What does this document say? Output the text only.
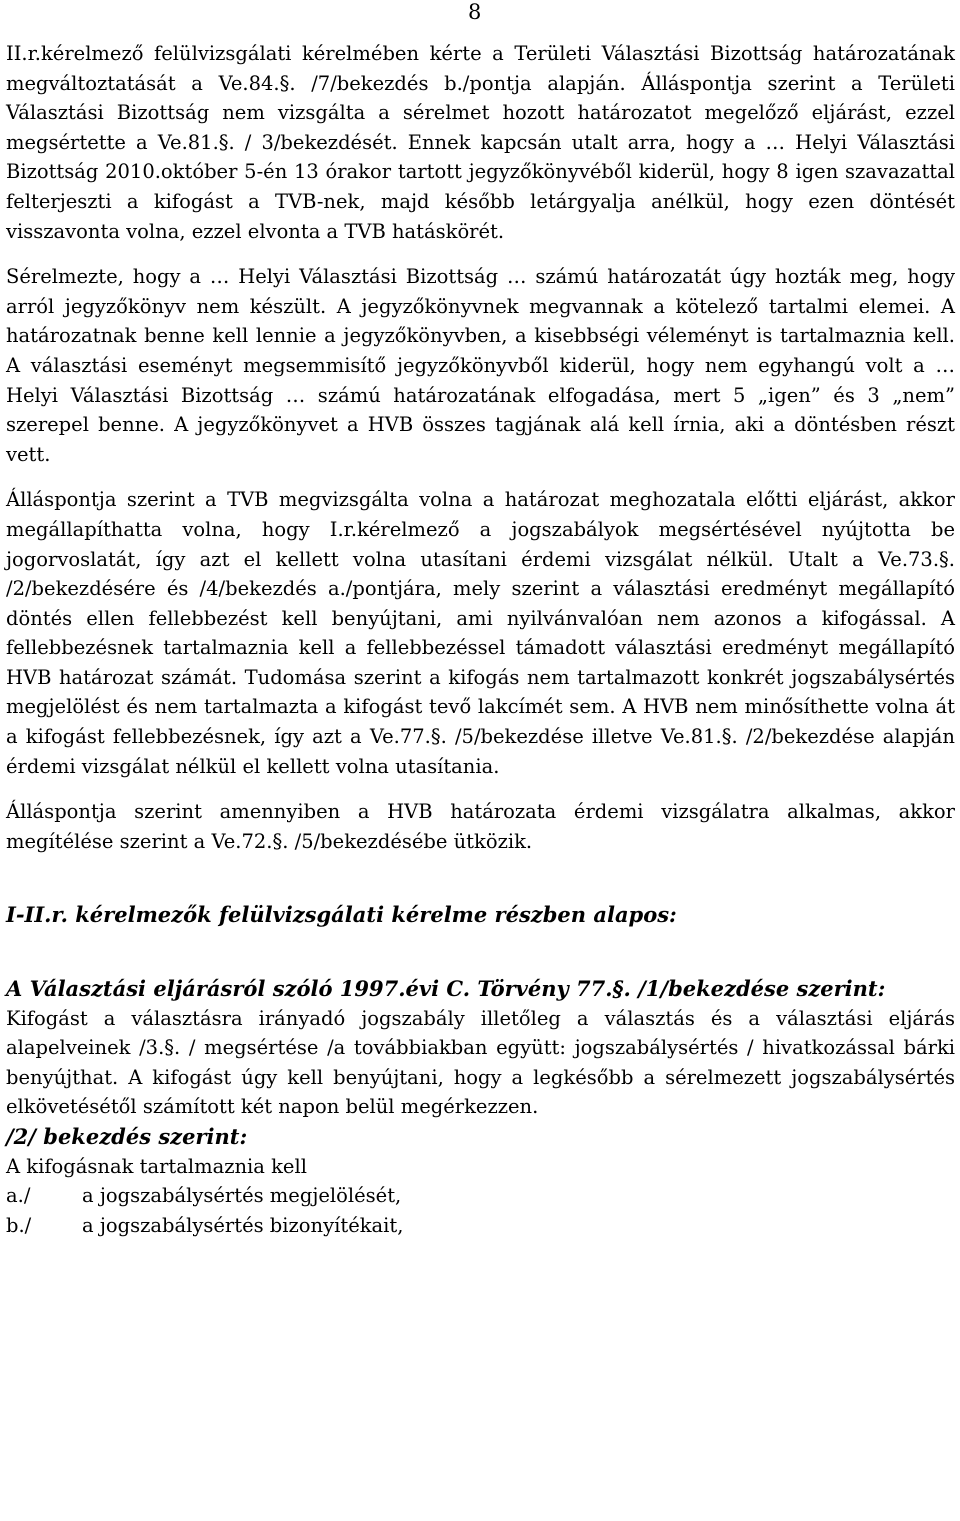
8

II.r.kérelmező felülvizsgálati kérelmében kérte a Területi Választási Bizottság határozatának megváltoztatását a Ve.84.§. /7/bekezdés b./pontja alapján. Álláspontja szerint a Területi Választási Bizottság nem vizsgálta a sérelmet hozott határozatot megelőző eljárást, ezzel megsértette a Ve.81.§. / 3/bekezdését. Ennek kapcsán utalt arra, hogy a … Helyi Választási Bizottság 2010.október 5-én 13 órakor tartott jegyzőkönyvéből kiderül, hogy 8 igen szavazattal felterjeszti a kifogást a TVB-nek, majd később letárgyalja anélkül, hogy ezen döntését visszavonta volna, ezzel elvonta a TVB hatáskörét.

Sérelmezte, hogy a … Helyi Választási Bizottság … számú határozatát úgy hozták meg, hogy arról jegyzőkönyv nem készült. A jegyzőkönyvnek megvannak a kötelező tartalmi elemei. A határozatnak benne kell lennie a jegyzőkönyvben, a kisebbségi véleményt is tartalmaznia kell. A választási eseményt megsemmisítő jegyzőkönyvből kiderül, hogy nem egyhangú volt a … Helyi Választási Bizottság … számú határozatának elfogadása, mert 5 „igen” és 3 „nem” szerepel benne. A jegyzőkönyvet a HVB összes tagjának alá kell írnia, aki a döntésben részt vett.

Álláspontja szerint a TVB megvizsgálta volna a határozat meghozatala előtti eljárást, akkor megállapíthatta volna, hogy I.r.kérelmező a jogszabályok megsértésével nyújtotta be jogorvoslatát, így azt el kellett volna utasítani érdemi vizsgálat nélkül. Utalt a Ve.73.§. /2/bekezdésére és /4/bekezdés a./pontjára, mely szerint a választási eredményt megállapító döntés ellen fellebbezést kell benyújtani, ami nyilvánvalóan nem azonos a kifogással. A fellebbezésnek tartalmaznia kell a fellebbezéssel támadott választási eredményt megállapító HVB határozat számát. Tudomása szerint a kifogás nem tartalmazott konkrét jogszabálysértés megjelölést és nem tartalmazta a kifogást tevő lakcímét sem. A HVB nem minősíthette volna át a kifogást fellebbezésnek, így azt a Ve.77.§. /5/bekezdése illetve Ve.81.§. /2/bekezdése alapján érdemi vizsgálat nélkül el kellett volna utasítania.

Álláspontja szerint amennyiben a HVB határozata érdemi vizsgálatra alkalmas, akkor megítélése szerint a Ve.72.§. /5/bekezdésébe ütközik.

I-II.r. kérelmezők felülvizsgálati kérelme részben alapos:

A Választási eljárásról szóló 1997.évi C. Törvény 77.§. /1/bekezdése szerint:

Kifogást a választásra irányadó jogszabály illetőleg a választás és a választási eljárás alapelveinek /3.§. / megsértése /a továbbiakban együtt: jogszabálysértés / hivatkozással bárki benyújthat. A kifogást úgy kell benyújtani, hogy a legkésőbb a sérelmezett jogszabálysértés elkövetésétől számított két napon belül megérkezzen.

/2/ bekezdés szerint:

A kifogásnak tartalmaznia kell

a./	a jogszabálysértés megjelölését,
b./	a jogszabálysértés bizonyítékait,
